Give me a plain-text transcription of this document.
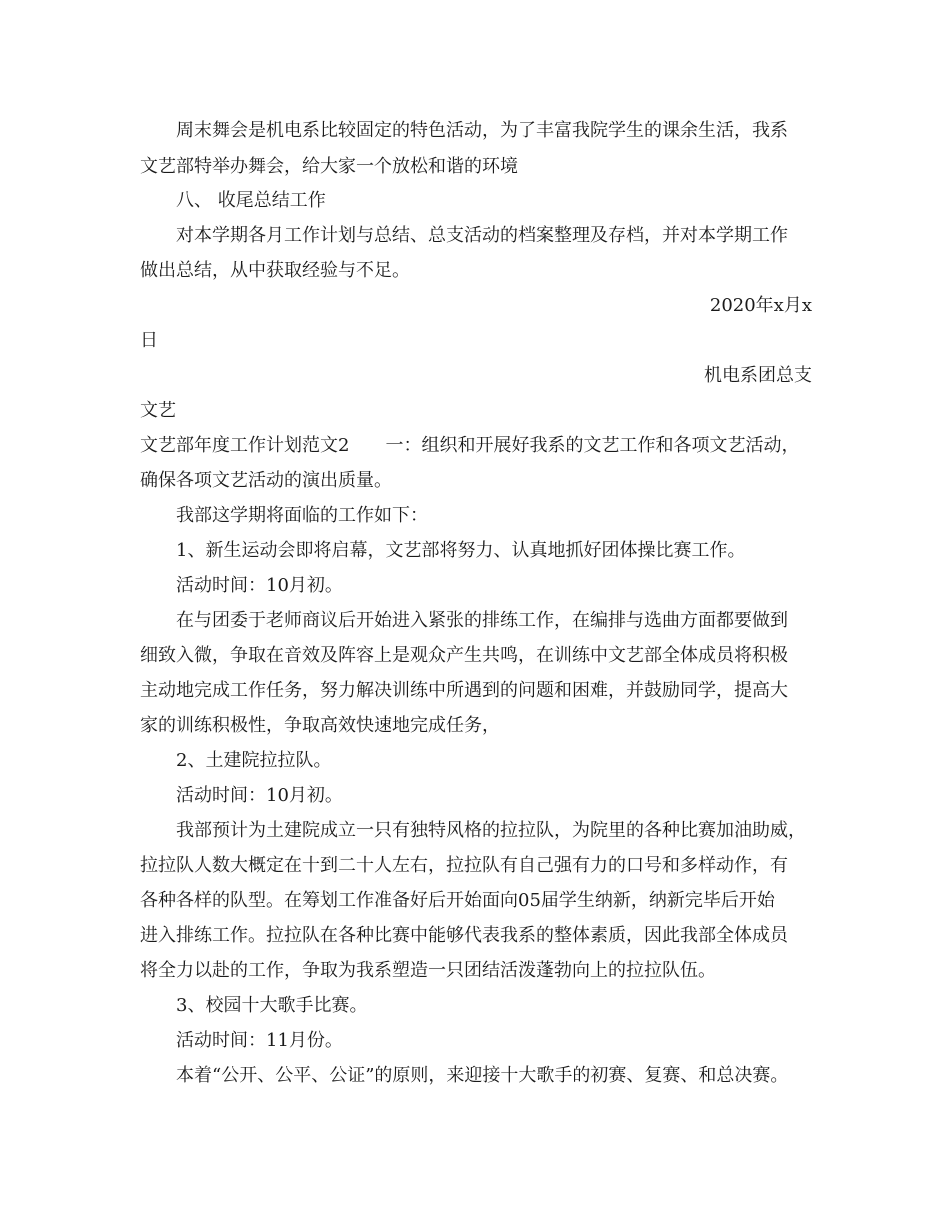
周末舞会是机电系比较固定的特色活动，为了丰富我院学生的课余生活，我系
文艺部特举办舞会，给大家一个放松和谐的环境
八、 收尾总结工作
对本学期各月工作计划与总结、总支活动的档案整理及存档，并对本学期工作
做出总结，从中获取经验与不足。
2020年x月x
日
机电系团总支
文艺
文艺部年度工作计划范文2　　一：组织和开展好我系的文艺工作和各项文艺活动，
确保各项文艺活动的演出质量。
我部这学期将面临的工作如下：
1、新生运动会即将启幕，文艺部将努力、认真地抓好团体操比赛工作。
活动时间：10月初。
在与团委于老师商议后开始进入紧张的排练工作，在编排与选曲方面都要做到
细致入微，争取在音效及阵容上是观众产生共鸣，在训练中文艺部全体成员将积极
主动地完成工作任务，努力解决训练中所遇到的问题和困难，并鼓励同学，提高大
家的训练积极性，争取高效快速地完成任务，
2、土建院拉拉队。
活动时间：10月初。
我部预计为土建院成立一只有独特风格的拉拉队，为院里的各种比赛加油助威，
拉拉队人数大概定在十到二十人左右，拉拉队有自己强有力的口号和多样动作，有
各种各样的队型。在筹划工作准备好后开始面向05届学生纳新，纳新完毕后开始
进入排练工作。拉拉队在各种比赛中能够代表我系的整体素质，因此我部全体成员
将全力以赴的工作，争取为我系塑造一只团结活泼蓬勃向上的拉拉队伍。
3、校园十大歌手比赛。
活动时间：11月份。
本着“公开、公平、公证”的原则，来迎接十大歌手的初赛、复赛、和总决赛。
